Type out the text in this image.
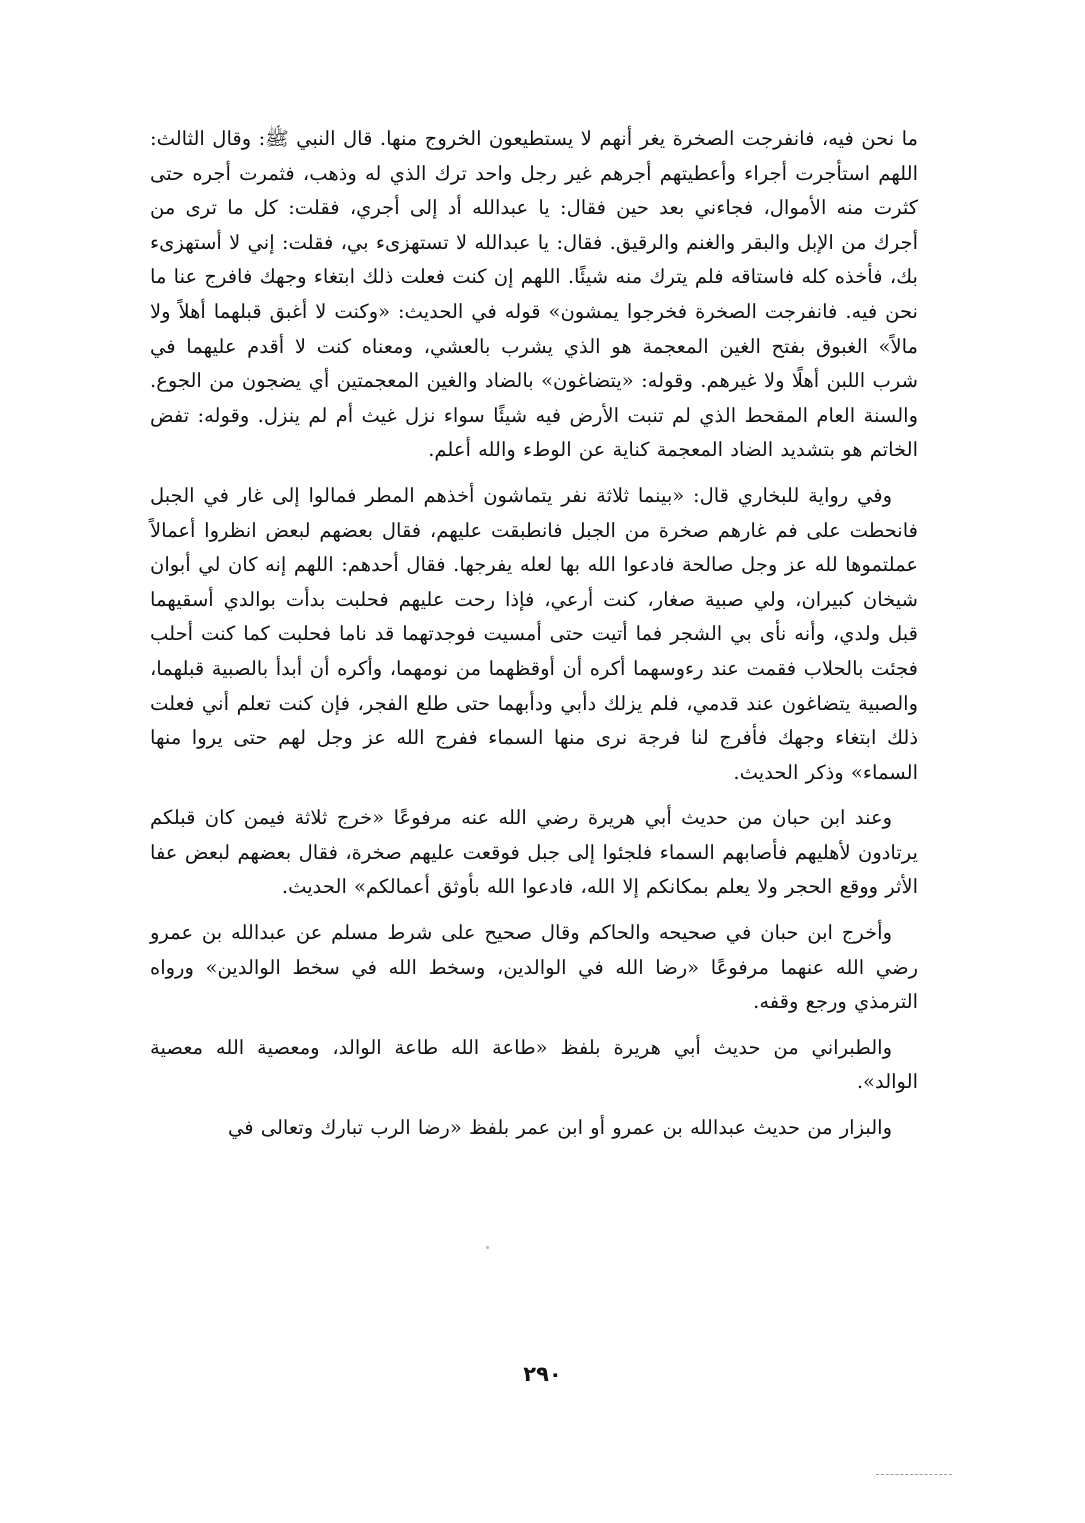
ما نحن فيه، فانفرجت الصخرة يغر أنهم لا يستطيعون الخروج منها. قال النبي ﷺ: وقال الثالث: اللهم استأجرت أجراء وأعطيتهم أجرهم غير رجل واحد ترك الذي له وذهب، فثمرت أجره حتى كثرت منه الأموال، فجاءني بعد حين فقال: يا عبدالله أد إلى أجري، فقلت: كل ما ترى من أجرك من الإبل والبقر والغنم والرقيق. فقال: يا عبدالله لا تستهزىء بي، فقلت: إني لا أستهزىء بك، فأخذه كله فاستاقه فلم يترك منه شيئًا. اللهم إن كنت فعلت ذلك ابتغاء وجهك فافرج عنا ما نحن فيه. فانفرجت الصخرة فخرجوا يمشون» قوله في الحديث: «وكنت لا أغبق قبلهما أهلاً ولا مالاً» الغبوق بفتح الغين المعجمة هو الذي يشرب بالعشي، ومعناه كنت لا أقدم عليهما في شرب اللبن أهلًا ولا غيرهم. وقوله: «يتضاغون» بالضاد والغين المعجمتين أي يضجون من الجوع. والسنة العام المقحط الذي لم تنبت الأرض فيه شيئًا سواء نزل غيث أم لم ينزل. وقوله: تفض الخاتم هو بتشديد الضاد المعجمة كناية عن الوطء والله أعلم.

وفي رواية للبخاري قال: «بينما ثلاثة نفر يتماشون أخذهم المطر فمالوا إلى غار في الجبل فانحطت على فم غارهم صخرة من الجبل فانطبقت عليهم، فقال بعضهم لبعض انظروا أعمالاً عملتموها لله عز وجل صالحة فادعوا الله بها لعله يفرجها. فقال أحدهم: اللهم إنه كان لي أبوان شيخان كبيران، ولي صبية صغار، كنت أرعي، فإذا رحت عليهم فحلبت بدأت بوالدي أسقيهما قبل ولدي، وأنه نأى بي الشجر فما أتيت حتى أمسيت فوجدتهما قد ناما فحلبت كما كنت أحلب فجئت بالحلاب فقمت عند رءوسهما أكره أن أوقظهما من نومهما، وأكره أن أبدأ بالصبية قبلهما، والصبية يتضاغون عند قدمي، فلم يزلك دأبي ودأبهما حتى طلع الفجر، فإن كنت تعلم أني فعلت ذلك ابتغاء وجهك فأفرج لنا فرجة نرى منها السماء ففرج الله عز وجل لهم حتى يروا منها السماء» وذكر الحديث.

وعند ابن حبان من حديث أبي هريرة رضي الله عنه مرفوعًا «خرج ثلاثة فيمن كان قبلكم يرتادون لأهليهم فأصابهم السماء فلجئوا إلى جبل فوقعت عليهم صخرة، فقال بعضهم لبعض عفا الأثر ووقع الحجر ولا يعلم بمكانكم إلا الله، فادعوا الله بأوثق أعمالكم» الحديث.

وأخرج ابن حبان في صحيحه والحاكم وقال صحيح على شرط مسلم عن عبدالله بن عمرو رضي الله عنهما مرفوعًا «رضا الله في الوالدين، وسخط الله في سخط الوالدين» ورواه الترمذي ورجع وقفه.

والطبراني من حديث أبي هريرة بلفظ «طاعة الله طاعة الوالد، ومعصية الله معصية الوالد».

والبزار من حديث عبدالله بن عمرو أو ابن عمر بلفظ «رضا الرب تبارك وتعالى في

٢٩٠
